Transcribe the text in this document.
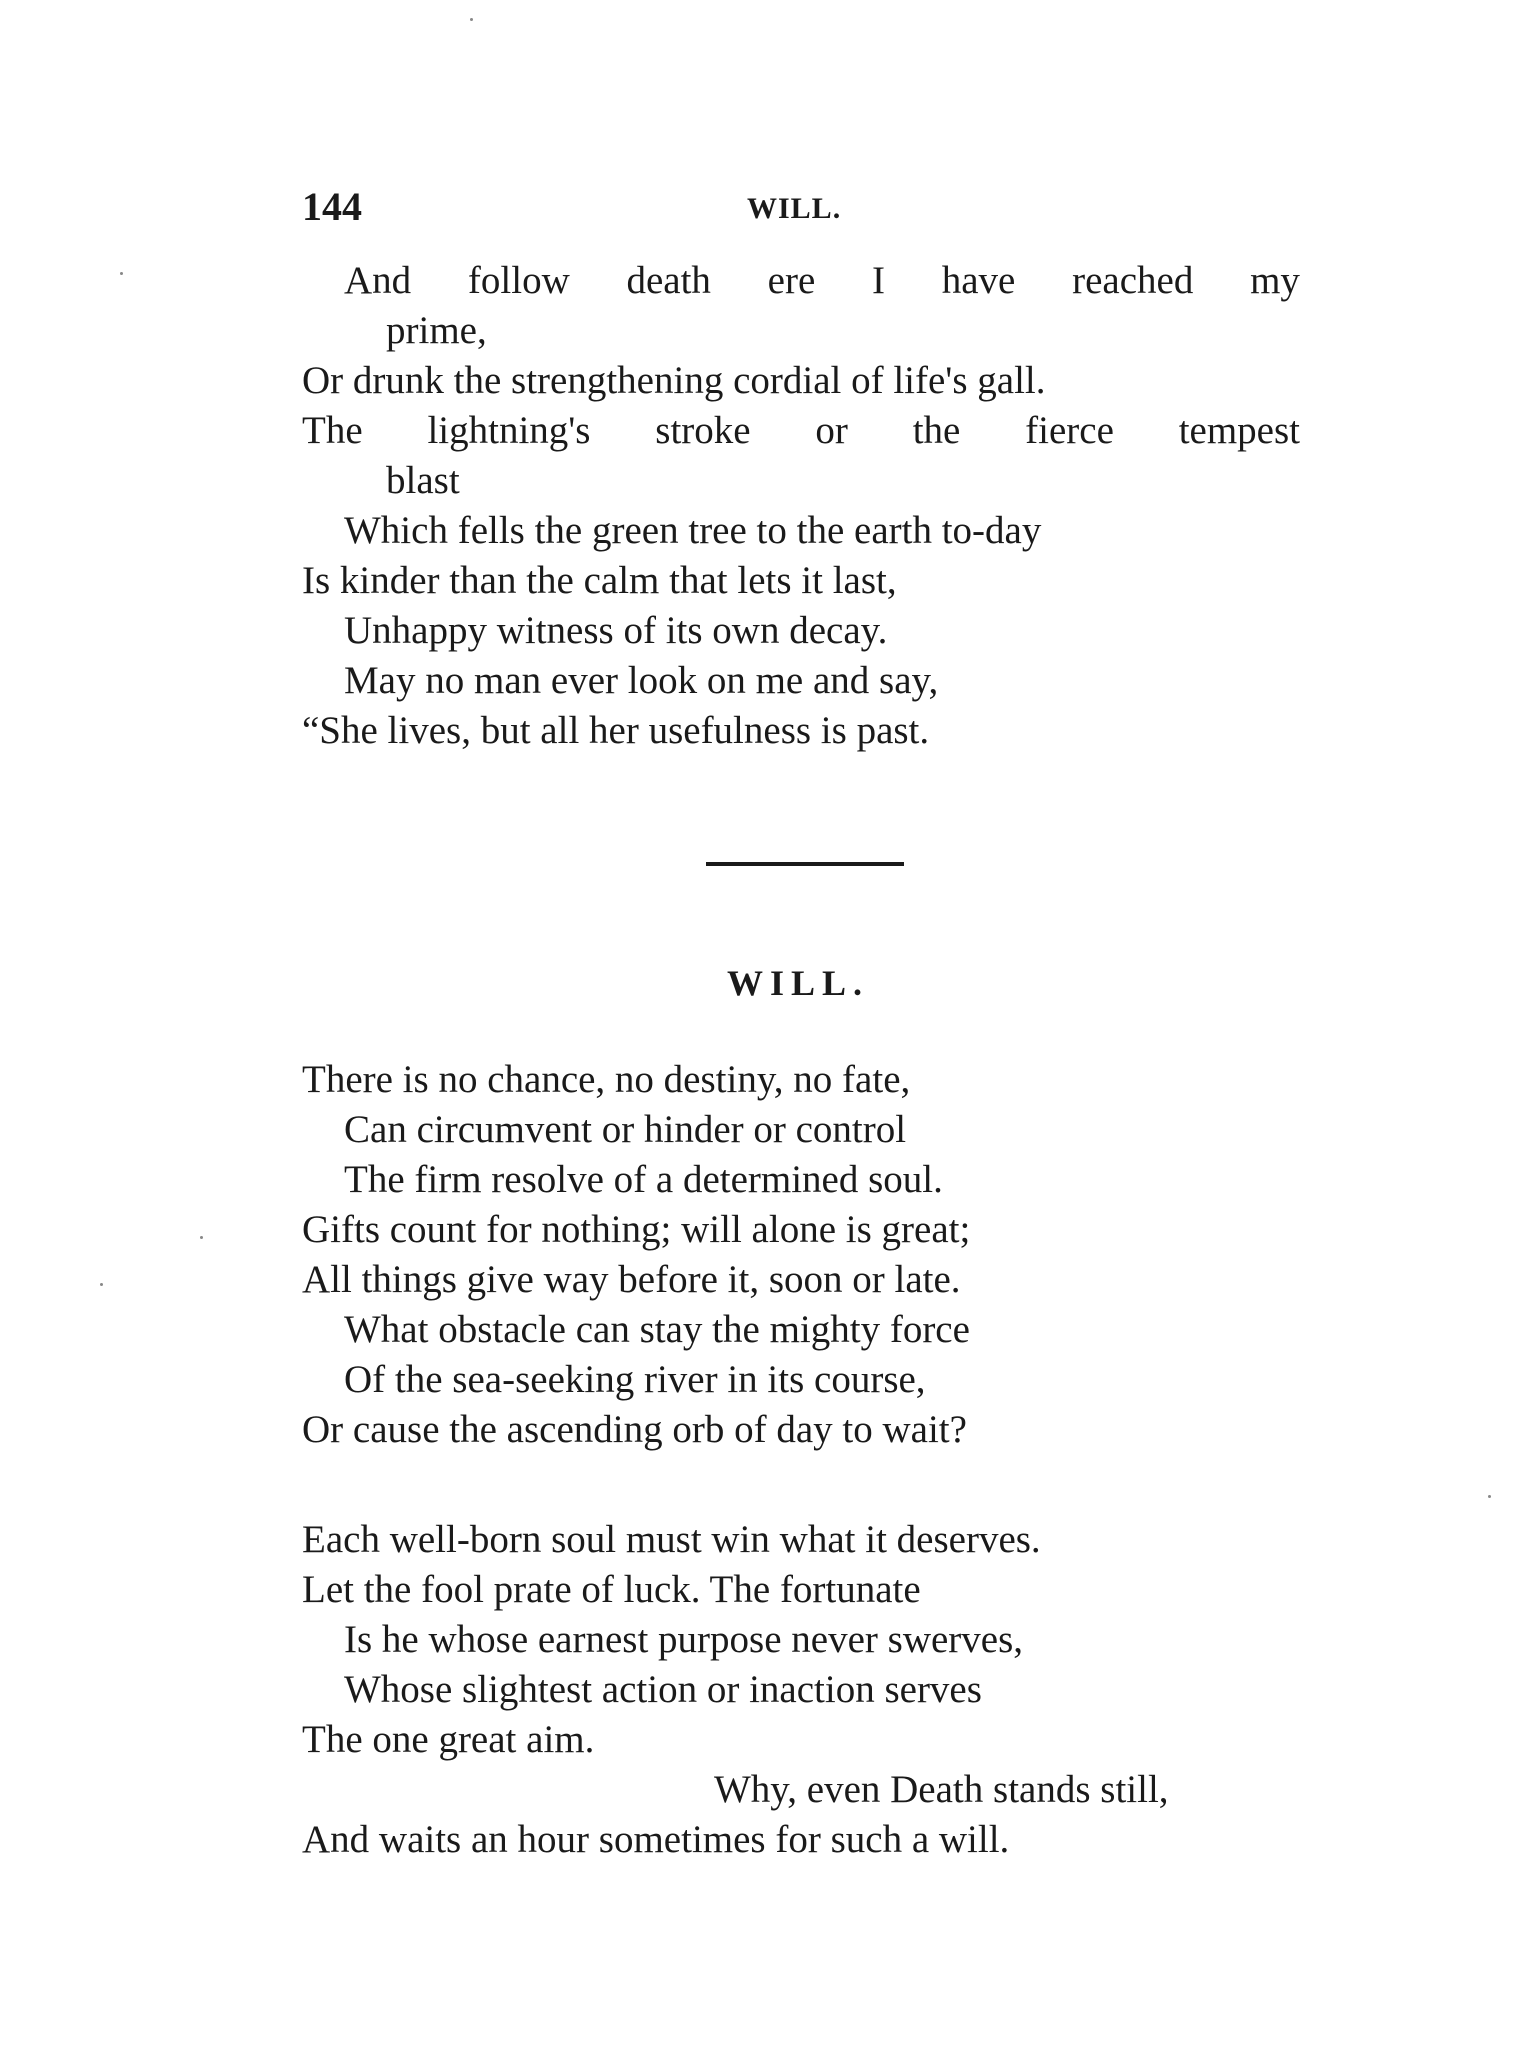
144	WILL.
And follow death ere I have reached my
prime,
Or drunk the strengthening cordial of life's gall.
The lightning's stroke or the fierce tempest
blast
Which fells the green tree to the earth to-day
Is kinder than the calm that lets it last,
Unhappy witness of its own decay.
May no man ever look on me and say,
“She lives, but all her usefulness is past.
WILL.
There is no chance, no destiny, no fate,
Can circumvent or hinder or control
The firm resolve of a determined soul.
Gifts count for nothing; will alone is great;
All things give way before it, soon or late.
What obstacle can stay the mighty force
Of the sea-seeking river in its course,
Or cause the ascending orb of day to wait?
Each well-born soul must win what it deserves.
Let the fool prate of luck. The fortunate
Is he whose earnest purpose never swerves,
Whose slightest action or inaction serves
The one great aim.
Why, even Death stands still,
And waits an hour sometimes for such a will.
